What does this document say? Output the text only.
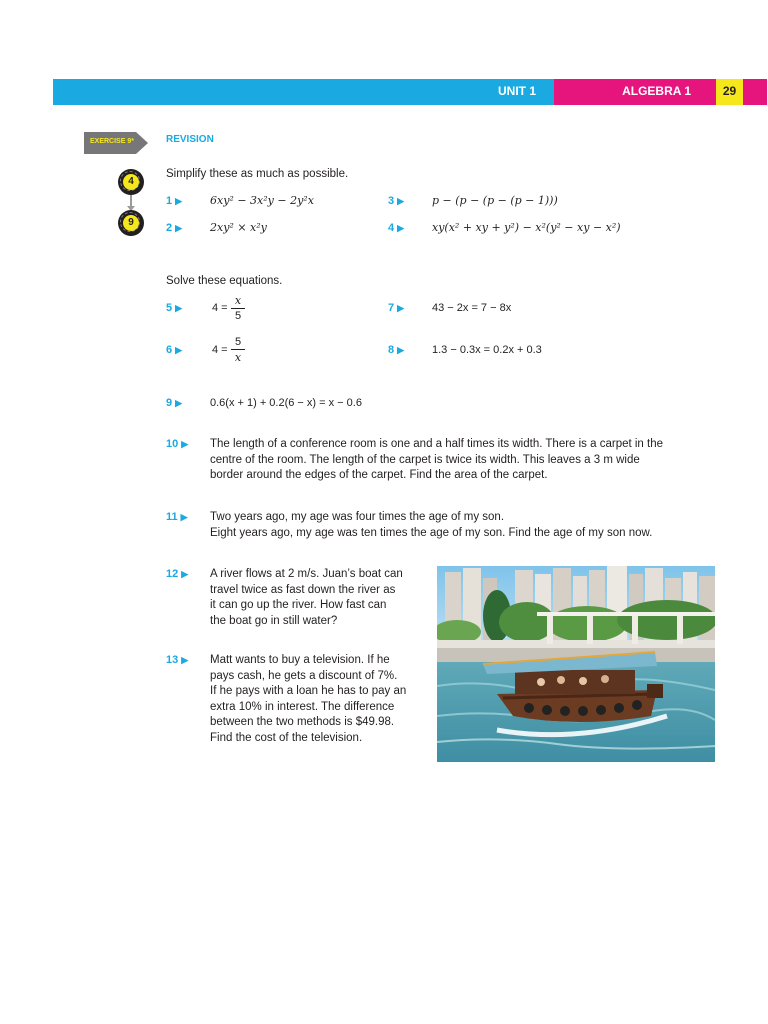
UNIT 1	ALGEBRA 1	29
EXERCISE 9*	REVISION
4
9
Simplify these as much as possible.
1 ▶	6xy² − 3x²y − 2y²x
2 ▶	2xy² × x²y
3 ▶	p − (p − (p − (p − 1)))
4 ▶	xy(x² + xy + y²) − x²(y² − xy − x²)
Solve these equations.
5 ▶	4 =
x
5
6 ▶	4 =
5
x
7 ▶	43 − 2x = 7 − 8x
8 ▶	1.3 − 0.3x = 0.2x + 0.3
9 ▶	0.6(x + 1) + 0.2(6 − x) = x − 0.6
10 ▶ The length of a conference room is one and a half times its width. There is a carpet in the
centre of the room. The length of the carpet is twice its width. This leaves a 3 m wide
border around the edges of the carpet. Find the area of the carpet.
11 ▶ Two years ago, my age was four times the age of my son.
Eight years ago, my age was ten times the age of my son. Find the age of my son now.
12 ▶ A river flows at 2 m/s. Juan’s boat can
travel twice as fast down the river as
it can go up the river. How fast can
the boat go in still water?
13 ▶ Matt wants to buy a television. If he
pays cash, he gets a discount of 7%.
If he pays with a loan he has to pay an
extra 10% in interest. The difference
between the two methods is $49.98.
Find the cost of the television.
